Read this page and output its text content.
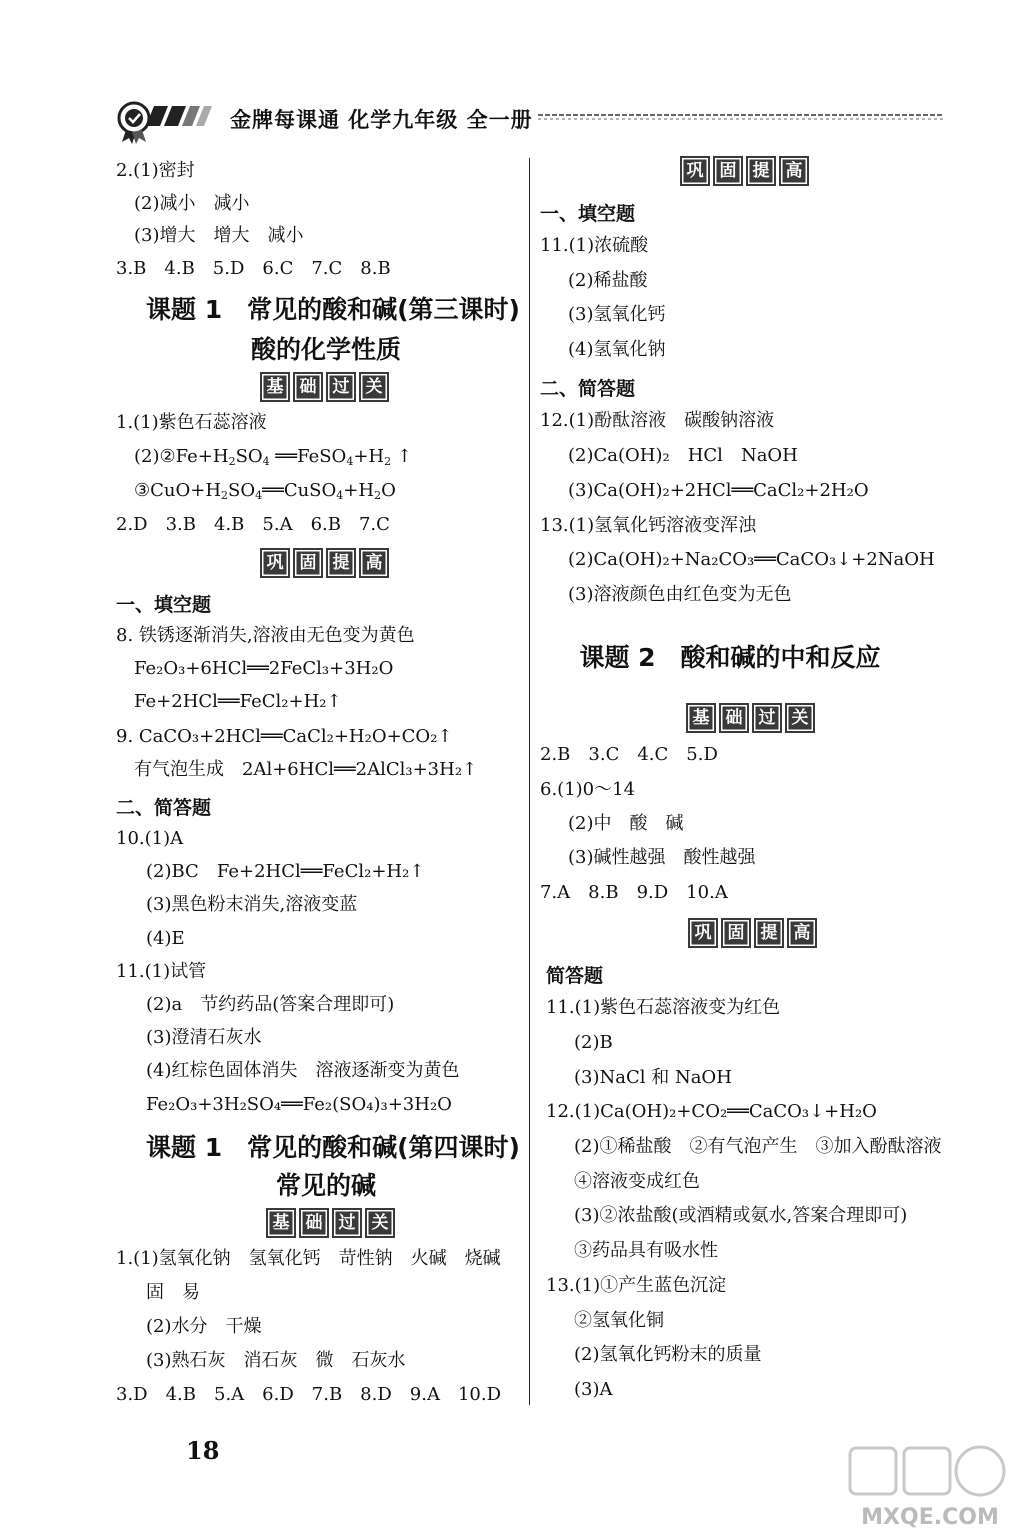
金牌每课通 化学九年级 全一册
2.(1)密封
(2)减小　减小
(3)增大　增大　减小
3.B　4.B　5.D　6.C　7.C　8.B
课题 1　常见的酸和碱(第三课时)
酸的化学性质
基 础 过 关
1.(1)紫色石蕊溶液
$(2)②Fe+H_2SO_4$ $══FeSO_4+H_2$ ↑
$③CuO+H_2SO_4══CuSO_4+H_2O$
2.D　3.B　4.B　5.A　6.B　7.C
巩 固 提 高
一、填空题
8. 铁锈逐渐消失,溶液由无色变为黄色
Fe₂O₃+6HCl══2FeCl₃+3H₂O
Fe+2HCl══FeCl₂+H₂↑
9. CaCO₃+2HCl══CaCl₂+H₂O+CO₂↑
有气泡生成　2Al+6HCl══2AlCl₃+3H₂↑
二、简答题
10.(1)A
(2)BC　Fe+2HCl══FeCl₂+H₂↑
(3)黑色粉末消失,溶液变蓝
(4)E
11.(1)试管
(2)a　节约药品(答案合理即可)
(3)澄清石灰水
(4)红棕色固体消失　溶液逐渐变为黄色
Fe₂O₃+3H₂SO₄══Fe₂(SO₄)₃+3H₂O
课题 1　常见的酸和碱(第四课时)
常见的碱
基 础 过 关
1.(1)氢氧化钠　氢氧化钙　苛性钠　火碱　烧碱
固　易
(2)水分　干燥
(3)熟石灰　消石灰　微　石灰水
3.D　4.B　5.A　6.D　7.B　8.D　9.A　10.D
巩 固 提 高
一、填空题
11.(1)浓硫酸
(2)稀盐酸
(3)氢氧化钙
(4)氢氧化钠
二、简答题
12.(1)酚酞溶液　碳酸钠溶液
(2)Ca(OH)₂　HCl　NaOH
(3)Ca(OH)₂+2HCl══CaCl₂+2H₂O
13.(1)氢氧化钙溶液变浑浊
(2)Ca(OH)₂+Na₂CO₃══CaCO₃↓+2NaOH
(3)溶液颜色由红色变为无色
课题 2　酸和碱的中和反应
基 础 过 关
2.B　3.C　4.C　5.D
6.(1)0～14
(2)中　酸　碱
(3)碱性越强　酸性越强
7.A　8.B　9.D　10.A
巩 固 提 高
简答题
11.(1)紫色石蕊溶液变为红色
(2)B
(3)NaCl 和 NaOH
12.(1)Ca(OH)₂+CO₂══CaCO₃↓+H₂O
(2)①稀盐酸　②有气泡产生　③加入酚酞溶液
④溶液变成红色
(3)②浓盐酸(或酒精或氨水,答案合理即可)
③药品具有吸水性
13.(1)①产生蓝色沉淀
②氢氧化铜
(2)氢氧化钙粉末的质量
(3)A
18
MXQE.COM
